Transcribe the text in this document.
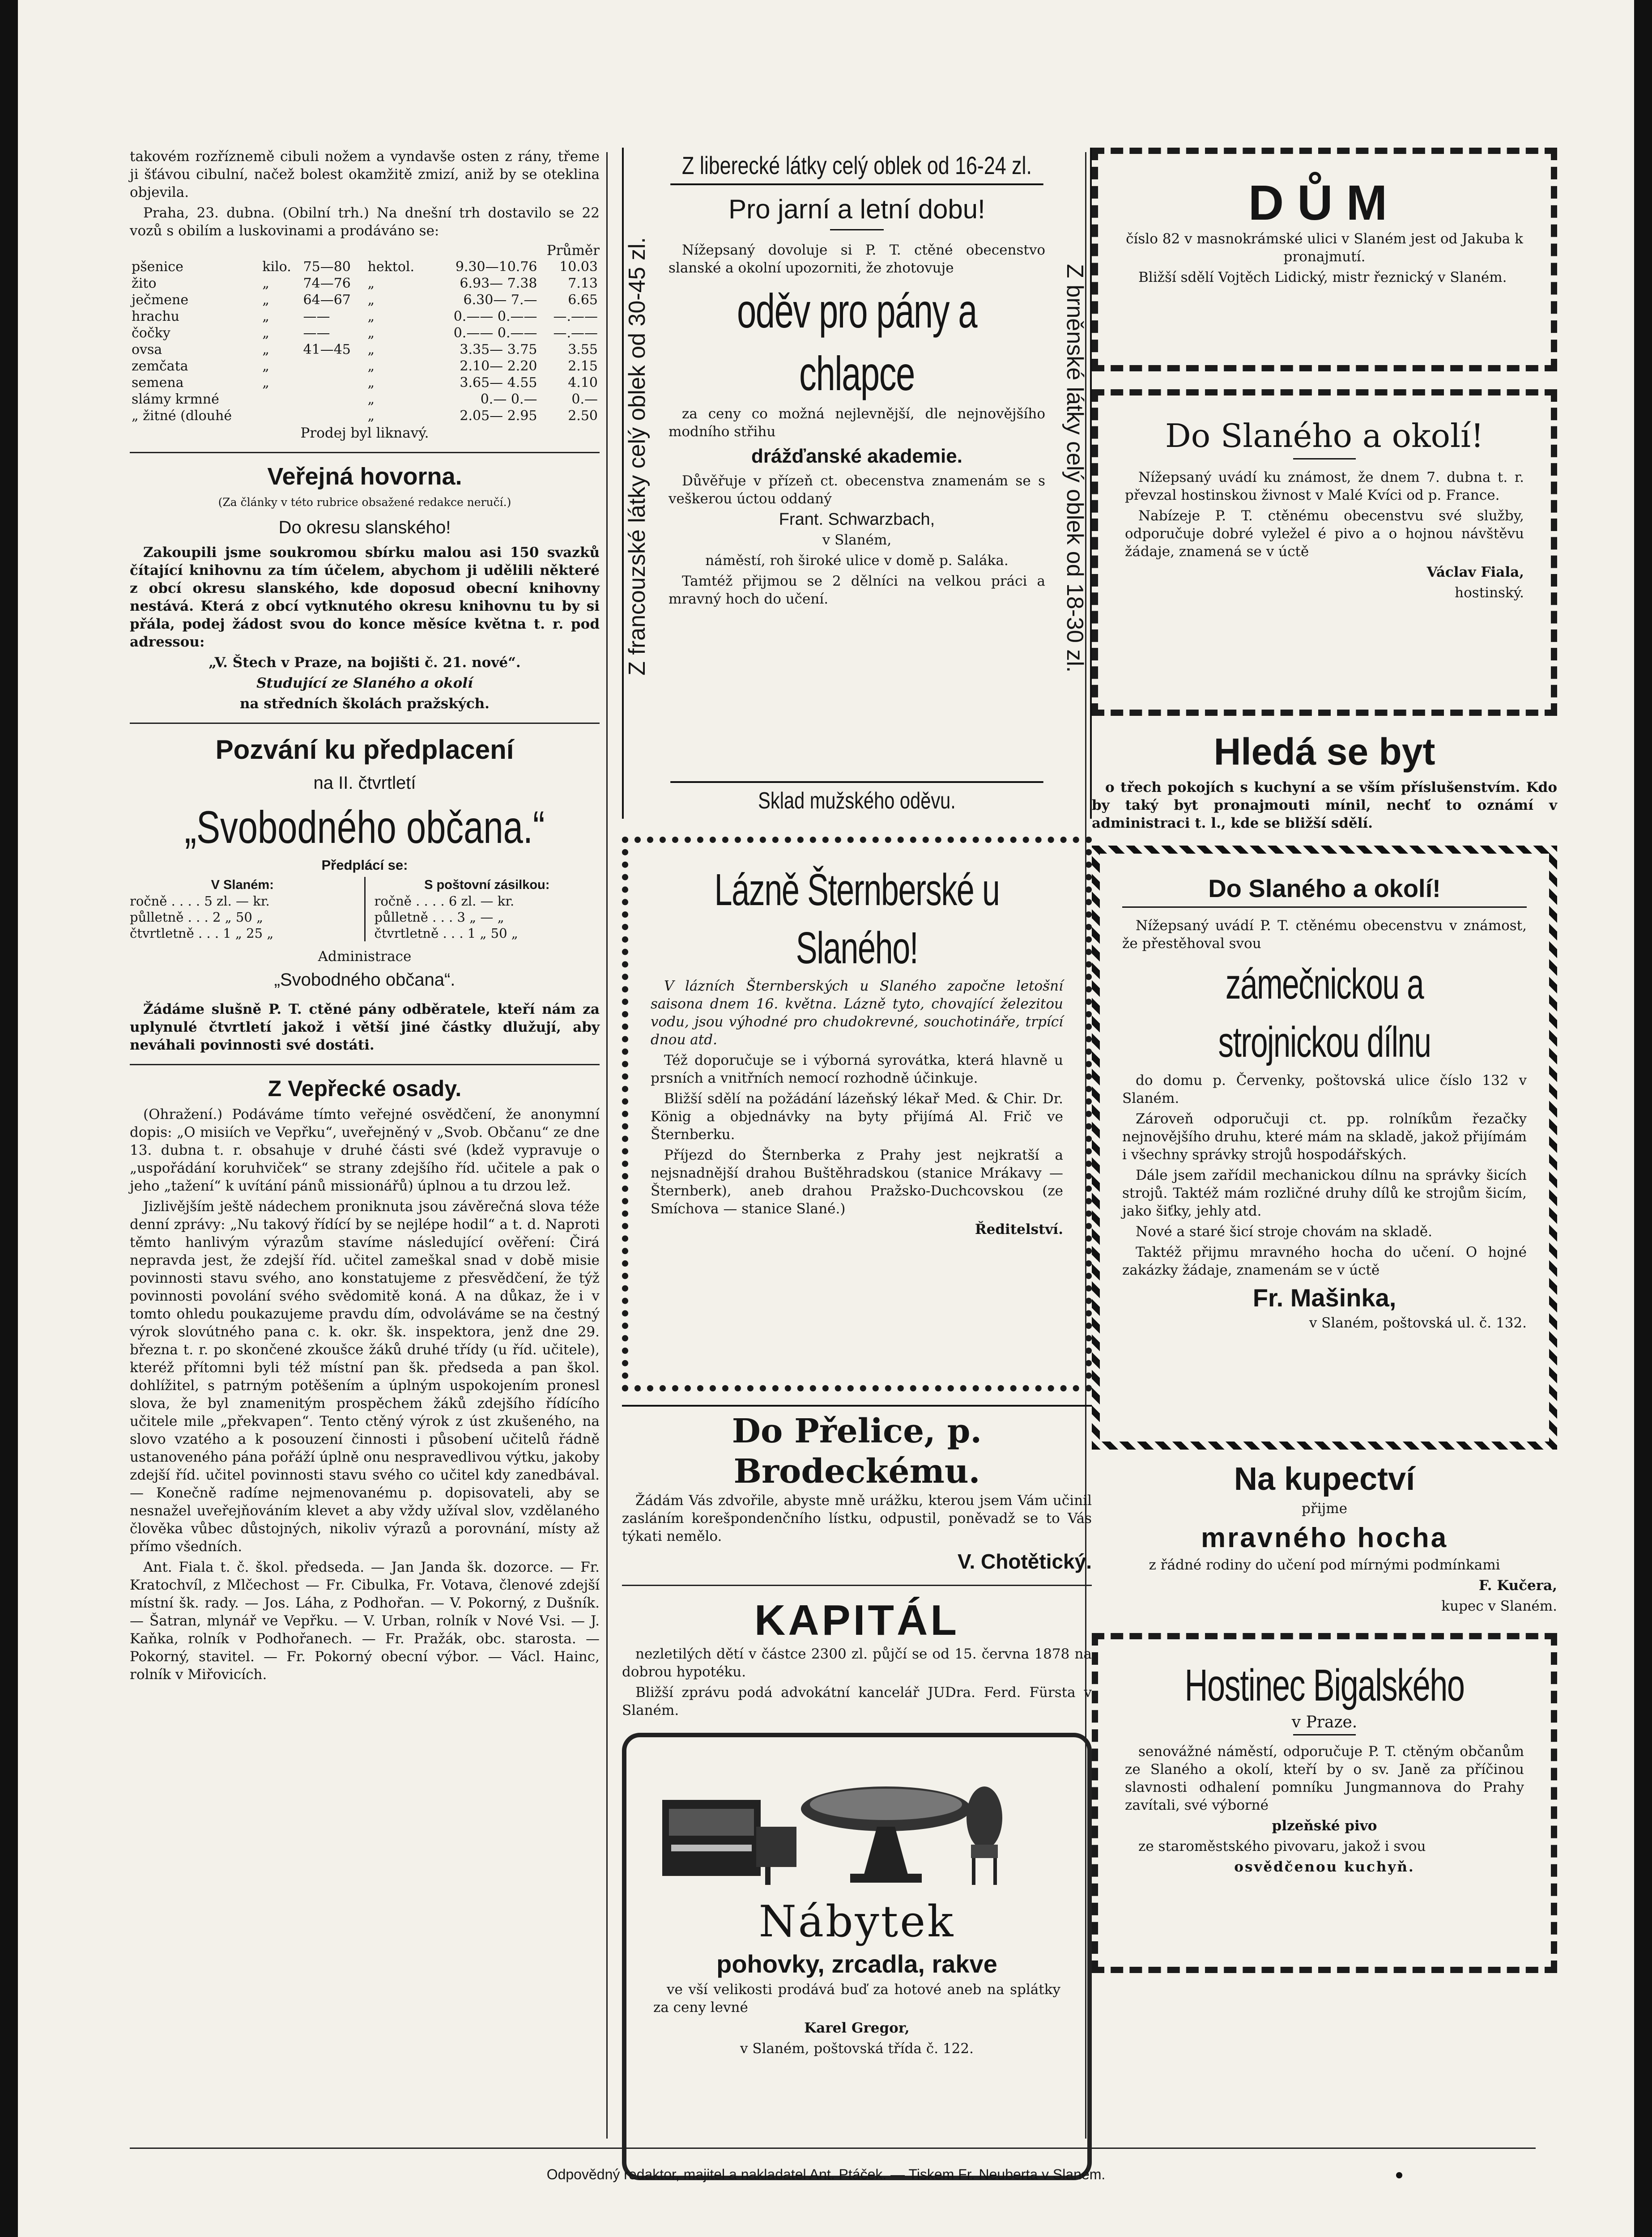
takovém rozříznemě cibuli nožem a vyndavše osten z rány, třeme ji šťávou cibulní, načež bolest okamžitě zmizí, aniž by se oteklina objevila.

Praha, 23. dubna. (Obilní trh.) Na dnešní trh dostavilo se 22 vozů s obilím a luskovinami a prodáváno se:

Průměr
pšenice	kilo.	75—80	hektol.	9.30—10.76	10.03
žito	„	74—76	„	6.93— 7.38	7.13
ječmene	„	64—67	„	6.30— 7.—	6.65
hrachu	„	——	„	0.—— 0.——	—.——
čočky	„	——	„	0.—— 0.——	—.——
ovsa	„	41—45	„	3.35— 3.75	3.55
zemčata	„		„	2.10— 2.20	2.15
semena	„		„	3.65— 4.55	4.10
slámy krmné			„	0.— 0.—	0.—
„ žitné (dlouhé			„	2.05— 2.95	2.50

Prodej byl liknavý.

Veřejná hovorna.

(Za články v této rubrice obsažené redakce neručí.)

Do okresu slanského!

Zakoupili jsme soukromou sbírku malou asi 150 svazků čítající knihovnu za tím účelem, abychom ji udělili některé z obcí okresu slanského, kde doposud obecní knihovny nestává. Která z obcí vytknutého okresu knihovnu tu by si přála, podej žádost svou do konce měsíce května t. r. pod adressou:

„V. Štech v Praze, na bojišti č. 21. nové“.

Studující ze Slaného a okolí

na středních školách pražských.

Pozvání ku předplacení

na II. čtvrtletí

„Svobodného občana.“

Předplácí se:

V Slaném:
ročně . . . . 5 zl. — kr.
půlletně . . . 2 „ 50 „
čtvrtletně . . . 1 „ 25 „
S poštovní zásilkou:
ročně . . . . 6 zl. — kr.
půlletně . . . 3 „ — „
čtvrtletně . . . 1 „ 50 „

Administrace

„Svobodného občana“.

Žádáme slušně P. T. ctěné pány odběratele, kteří nám za uplynulé čtvrtletí jakož i větší jiné částky dlužují, aby neváhali povinnosti své dostáti.

Z Vepřecké osady.

(Ohražení.) Podáváme tímto veřejné osvědčení, že anonymní dopis: „O misiích ve Vepřku“, uveřejněný v „Svob. Občanu“ ze dne 13. dubna t. r. obsahuje v druhé části své (kdež vypravuje o „uspořádání koruhviček“ se strany zdejšího říd. učitele a pak o jeho „tažení“ k uvítání pánů missionářů) úplnou a tu drzou lež.

Jizlivějším ještě nádechem proniknuta jsou závěrečná slova téže denní zprávy: „Nu takový řídící by se nejlépe hodil“ a t. d. Naproti těmto hanlivým výrazům stavíme následující ověření: Čirá nepravda jest, že zdejší říd. učitel zameškal snad v době misie povinnosti stavu svého, ano konstatujeme z přesvědčení, že týž povinnosti povolání svého svědomitě koná. A na důkaz, že i v tomto ohledu poukazujeme pravdu dím, odvoláváme se na čestný výrok slovútného pana c. k. okr. šk. inspektora, jenž dne 29. března t. r. po skončené zkoušce žáků druhé třídy (u říd. učitele), kteréž přítomni byli též místní pan šk. předseda a pan škol. dohlížitel, s patrným potěšením a úplným uspokojením pronesl slova, že byl znamenitým prospěchem žáků zdejšího řídícího učitele mile „překvapen“. Tento ctěný výrok z úst zkušeného, na slovo vzatého a k posouzení činnosti i působení učitelů řádně ustanoveného pána pořáží úplně onu nespravedlivou výtku, jakoby zdejší říd. učitel povinnosti stavu svého co učitel kdy zanedbával. — Konečně radíme nejmenovanému p. dopisovateli, aby se nesnažel uveřejňováním klevet a aby vždy užíval slov, vzdělaného člověka vůbec důstojných, nikoliv výrazů a porovnání, místy až přímo všedních.

Ant. Fiala t. č. škol. předseda. — Jan Janda šk. dozorce. — Fr. Kratochvíl, z Mlčechost — Fr. Cibulka, Fr. Votava, členové zdejší místní šk. rady. — Jos. Láha, z Podhořan. — V. Pokorný, z Dušník. — Šatran, mlynář ve Vepřku. — V. Urban, rolník v Nové Vsi. — J. Kaňka, rolník v Podhořanech. — Fr. Pražák, obc. starosta. — Pokorný, stavitel. — Fr. Pokorný obecní výbor. — Václ. Hainc, rolník v Miřovicích.

Z liberecké látky celý oblek od 16-24 zl.
Z francouzské látky celý oblek od 30-45 zl.	Z brněnské látky celý oblek od 18-30 zl.
Pro jarní a letní dobu!

Nížepsaný dovoluje si P. T. ctěné obecenstvo slanské a okolní upozorniti, že zhotovuje

oděv pro pány a chlapce

za ceny co možná nejlevnější, dle nejnovějšího modního střihu

drážďanské akademie.

Důvěřuje v přízeň ct. obecenstva znamenám se s veškerou úctou oddaný

Frant. Schwarzbach,

v Slaném,

náměstí, roh široké ulice v domě p. Saláka.

Tamtéž přijmou se 2 dělníci na velkou práci a mravný hoch do učení.

Sklad mužského oděvu.
Lázně Šternberské u Slaného!

V lázních Šternberských u Slaného započne letošní saisona dnem 16. května. Lázně tyto, chovající železitou vodu, jsou výhodné pro chudokrevné, souchotináře, trpící dnou atd.

Též doporučuje se i výborná syrovátka, která hlavně u prsních a vnitřních nemocí rozhodně účinkuje.

Bližší sdělí na požádání lázeňský lékař Med. & Chir. Dr. König a objednávky na byty přijímá Al. Frič ve Šternberku.

Příjezd do Šternberka z Prahy jest nejkratší a nejsnadnější drahou Buštěhradskou (stanice Mrákavy — Šternberk), aneb drahou Pražsko-Duchcovskou (ze Smíchova — stanice Slané.)

Ředitelství.

Do Přelice, p. Brodeckému.

Žádám Vás zdvořile, abyste mně urážku, kterou jsem Vám učinil zasláním korešpondenčního lístku, odpustil, poněvadž se to Vás týkati nemělo.

V. Chotětický.

KAPITÁL

nezletilých dětí v částce 2300 zl. půjčí se od 15. června 1878 na dobrou hypotéku.

Bližší zprávu podá advokátní kancelář JUDra. Ferd. Fürsta v Slaném.

Nábytek
pohovky, zrcadla, rakve

ve vší velikosti prodává buď za hotové aneb na splátky za ceny levné

Karel Gregor,

v Slaném, poštovská třída č. 122.

DŮM

číslo 82 v masnokrámské ulici v Slaném jest od Jakuba k pronajmutí.

Bližší sdělí Vojtěch Lidický, mistr řeznický v Slaném.

Do Slaného a okolí!

Nížepsaný uvádí ku známost, že dnem 7. dubna t. r. převzal hostinskou živnost v Malé Kvíci od p. France.

Nabízeje P. T. ctěnému obecenstvu své služby, odporučuje dobré vyležel é pivo a o hojnou návštěvu žádaje, znamená se v úctě

Václav Fiala,

hostinský.

Hledá se byt

o třech pokojích s kuchyní a se vším příslušenstvím. Kdo by taký byt pronajmouti mínil, nechť to oznámí v administraci t. l., kde se bližší sdělí.

Do Slaného a okolí!

Nížepsaný uvádí P. T. ctěnému obecenstvu v známost, že přestěhoval svou

zámečnickou a strojnickou dílnu

do domu p. Červenky, poštovská ulice číslo 132 v Slaném.

Zároveň odporučuji ct. pp. rolníkům řezačky nejnovějšího druhu, které mám na skladě, jakož přijímám i všechny správky strojů hospodářských.

Dále jsem zařídil mechanickou dílnu na správky šicích strojů. Taktéž mám rozličné druhy dílů ke strojům šicím, jako šiťky, jehly atd.

Nové a staré šicí stroje chovám na skladě.

Taktéž přijmu mravného hocha do učení. O hojné zakázky žádaje, znamenám se v úctě

Fr. Mašinka,

v Slaném, poštovská ul. č. 132.

Na kupectví

přijme

mravného hocha

z řádné rodiny do učení pod mírnými podmínkami

F. Kučera,

kupec v Slaném.

Hostinec Bigalského

v Praze.

senovážné náměstí, odporučuje P. T. ctěným občanům ze Slaného a okolí, kteří by o sv. Janě za příčinou slavnosti odhalení pomníku Jungmannova do Prahy zavítali, své výborné

plzeňské pivo

ze staroměstského pivovaru, jakož i svou

osvědčenou kuchyň.

Odpovědný redaktor, majitel a nakladatel Ant. Ptáček. — Tiskem Fr. Neuberta v Slaném.
